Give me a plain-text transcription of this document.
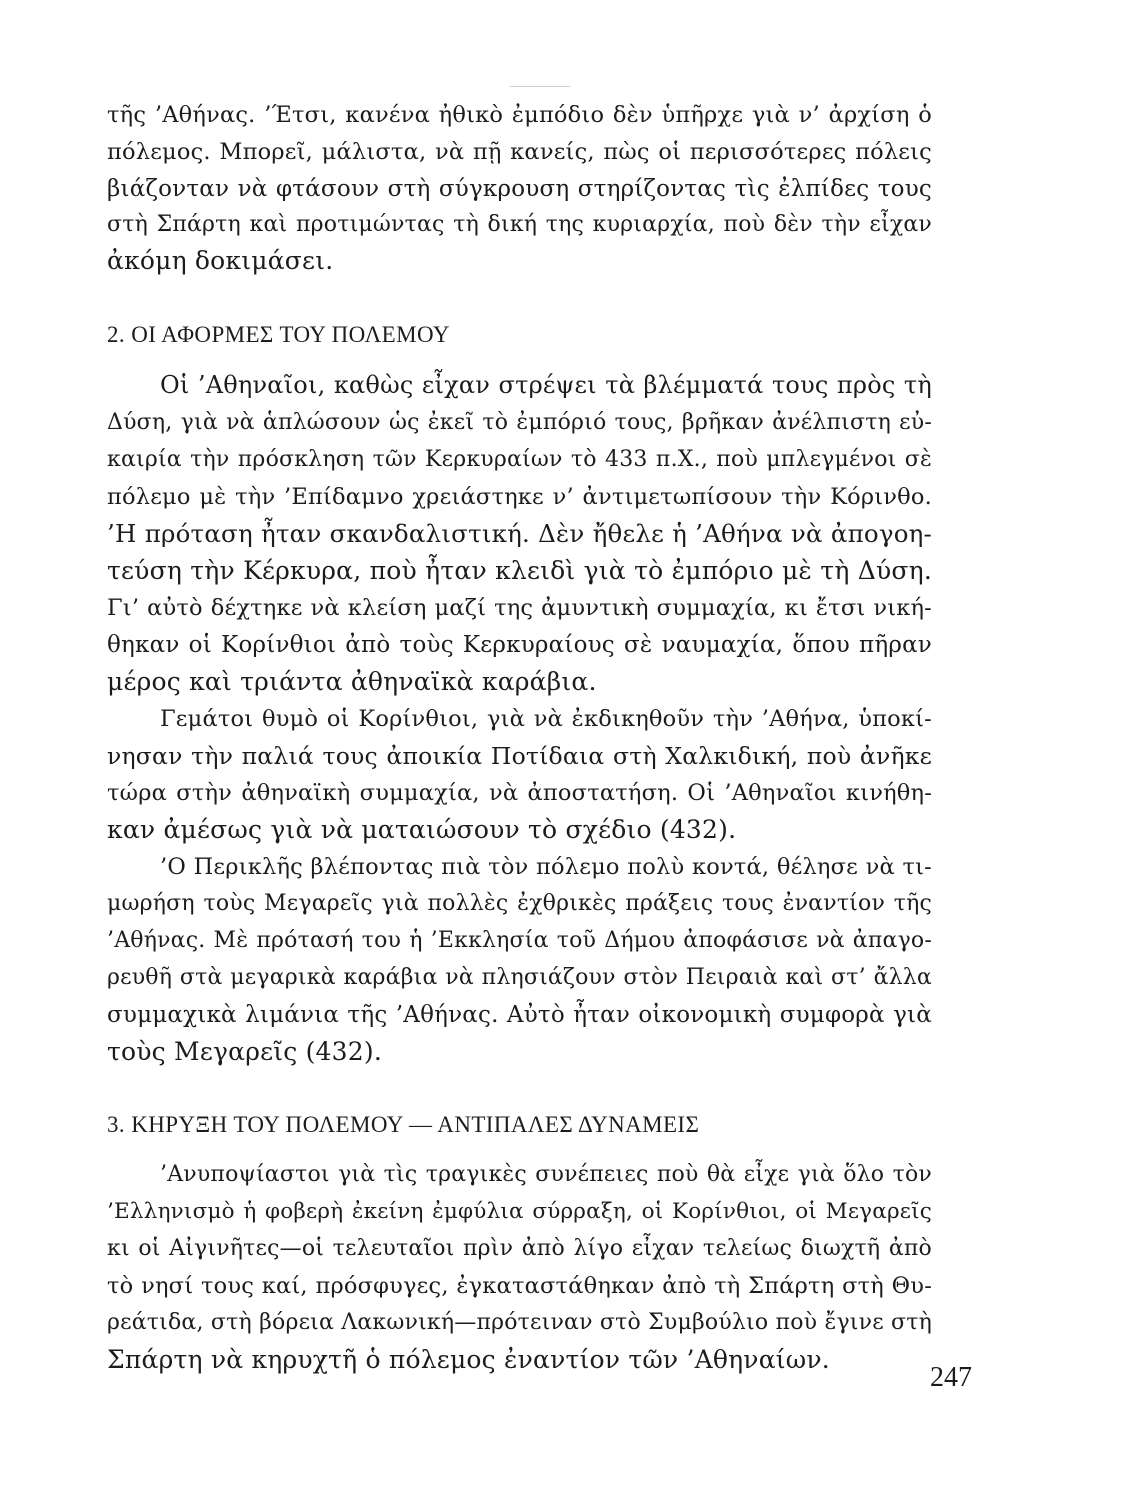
τῆς ’Αθήνας. ’Έτσι, κανένα ἠθικὸ ἐμπόδιο δὲν ὑπῆρχε γιὰ ν’ ἀρχίση ὁ
πόλεμος. Μπορεῖ, μάλιστα, νὰ πῇ κανείς, πὼς οἱ περισσότερες πόλεις
βιάζονταν νὰ φτάσουν στὴ σύγκρουση στηρίζοντας τὶς ἐλπίδες τους
στὴ Σπάρτη καὶ προτιμώντας τὴ δική της κυριαρχία, ποὺ δὲν τὴν εἶχαν
ἀκόμη δοκιμάσει.
2. ΟΙ ΑΦΟΡΜΕΣ ΤΟΥ ΠΟΛΕΜΟΥ
Οἱ ’Αθηναῖοι, καθὼς εἶχαν στρέψει τὰ βλέμματά τους πρὸς τὴ
Δύση, γιὰ νὰ ἁπλώσουν ὡς ἐκεῖ τὸ ἐμπόριό τους, βρῆκαν ἀνέλπιστη εὐ-
καιρία τὴν πρόσκληση τῶν Κερκυραίων τὸ 433 π.Χ., ποὺ μπλεγμένοι σὲ
πόλεμο μὲ τὴν ’Επίδαμνο χρειάστηκε ν’ ἀντιμετωπίσουν τὴν Κόρινθο.
’Η πρόταση ἦταν σκανδαλιστική. Δὲν ἤθελε ἡ ’Αθήνα νὰ ἀπογοη-
τεύση τὴν Κέρκυρα, ποὺ ἦταν κλειδὶ γιὰ τὸ ἐμπόριο μὲ τὴ Δύση.
Γι’ αὐτὸ δέχτηκε νὰ κλείση μαζί της ἀμυντικὴ συμμαχία, κι ἔτσι νική-
θηκαν οἱ Κορίνθιοι ἀπὸ τοὺς Κερκυραίους σὲ ναυμαχία, ὅπου πῆραν
μέρος καὶ τριάντα ἀθηναϊκὰ καράβια.
Γεμάτοι θυμὸ οἱ Κορίνθιοι, γιὰ νὰ ἐκδικηθοῦν τὴν ’Αθήνα, ὑποκί-
νησαν τὴν παλιά τους ἀποικία Ποτίδαια στὴ Χαλκιδική, ποὺ ἀνῆκε
τώρα στὴν ἀθηναϊκὴ συμμαχία, νὰ ἀποστατήση. Οἱ ’Αθηναῖοι κινήθη-
καν ἀμέσως γιὰ νὰ ματαιώσουν τὸ σχέδιο (432).
’Ο Περικλῆς βλέποντας πιὰ τὸν πόλεμο πολὺ κοντά, θέλησε νὰ τι-
μωρήση τοὺς Μεγαρεῖς γιὰ πολλὲς ἐχθρικὲς πράξεις τους ἐναντίον τῆς
’Αθήνας. Μὲ πρότασή του ἡ ’Εκκλησία τοῦ Δήμου ἀποφάσισε νὰ ἀπαγο-
ρευθῆ στὰ μεγαρικὰ καράβια νὰ πλησιάζουν στὸν Πειραιὰ καὶ στ’ ἄλλα
συμμαχικὰ λιμάνια τῆς ’Αθήνας. Αὐτὸ ἦταν οἰκονομικὴ συμφορὰ γιὰ
τοὺς Μεγαρεῖς (432).
3. ΚΗΡΥΞΗ ΤΟΥ ΠΟΛΕΜΟΥ — ΑΝΤΙΠΑΛΕΣ ΔΥΝΑΜΕΙΣ
’Ανυποψίαστοι γιὰ τὶς τραγικὲς συνέπειες ποὺ θὰ εἶχε γιὰ ὅλο τὸν
’Ελληνισμὸ ἡ φοβερὴ ἐκείνη ἐμφύλια σύρραξη, οἱ Κορίνθιοι, οἱ Μεγαρεῖς
κι οἱ Αἰγινῆτες—οἱ τελευταῖοι πρὶν ἀπὸ λίγο εἶχαν τελείως διωχτῆ ἀπὸ
τὸ νησί τους καί, πρόσφυγες, ἐγκαταστάθηκαν ἀπὸ τὴ Σπάρτη στὴ Θυ-
ρεάτιδα, στὴ βόρεια Λακωνική—πρότειναν στὸ Συμβούλιο ποὺ ἔγινε στὴ
Σπάρτη νὰ κηρυχτῆ ὁ πόλεμος ἐναντίον τῶν ’Αθηναίων.
247
